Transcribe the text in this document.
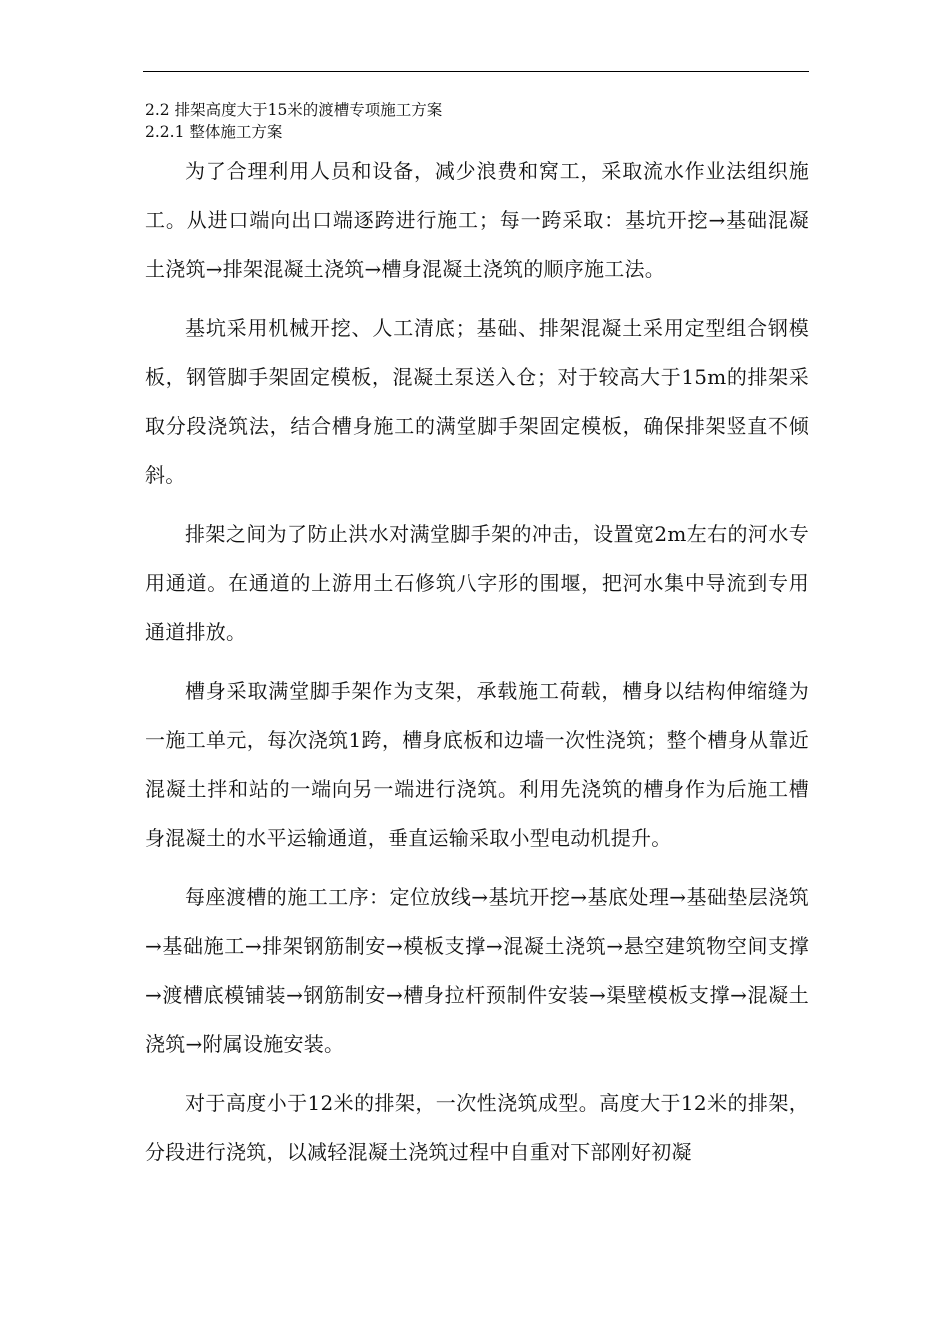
2.2 排架高度大于15米的渡槽专项施工方案
2.2.1 整体施工方案

为了合理利用人员和设备，减少浪费和窝工，采取流水作业法组织施工。从进口端向出口端逐跨进行施工；每一跨采取：基坑开挖→基础混凝土浇筑→排架混凝土浇筑→槽身混凝土浇筑的顺序施工法。

基坑采用机械开挖、人工清底；基础、排架混凝土采用定型组合钢模板，钢管脚手架固定模板，混凝土泵送入仓；对于较高大于15m的排架采取分段浇筑法，结合槽身施工的满堂脚手架固定模板，确保排架竖直不倾斜。

排架之间为了防止洪水对满堂脚手架的冲击，设置宽2m左右的河水专用通道。在通道的上游用土石修筑八字形的围堰，把河水集中导流到专用通道排放。

槽身采取满堂脚手架作为支架，承载施工荷载，槽身以结构伸缩缝为一施工单元，每次浇筑1跨，槽身底板和边墙一次性浇筑；整个槽身从靠近混凝土拌和站的一端向另一端进行浇筑。利用先浇筑的槽身作为后施工槽身混凝土的水平运输通道，垂直运输采取小型电动机提升。

每座渡槽的施工工序：定位放线→基坑开挖→基底处理→基础垫层浇筑→基础施工→排架钢筋制安→模板支撑→混凝土浇筑→悬空建筑物空间支撑→渡槽底模铺装→钢筋制安→槽身拉杆预制件安装→渠壁模板支撑→混凝土浇筑→附属设施安装。

对于高度小于12米的排架，一次性浇筑成型。高度大于12米的排架，分段进行浇筑，以减轻混凝土浇筑过程中自重对下部刚好初凝
